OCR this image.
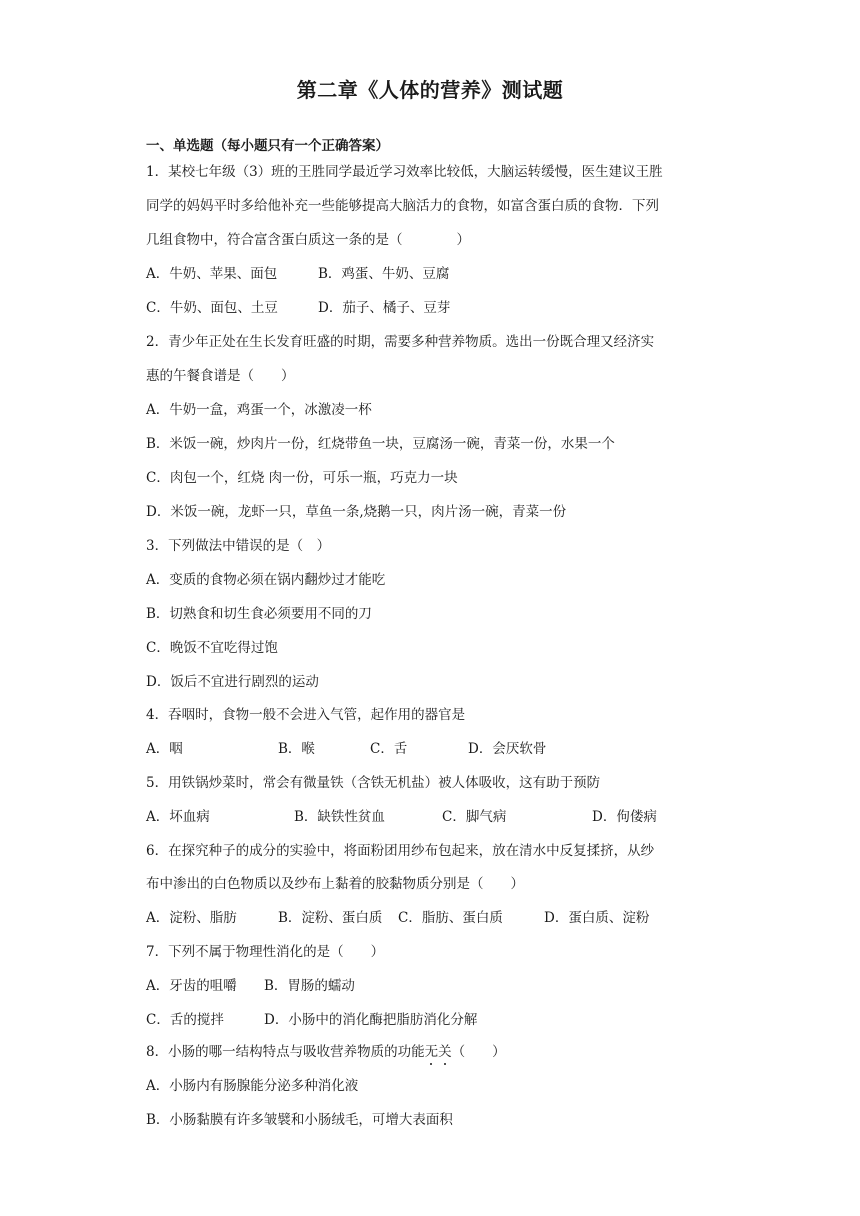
第二章《人体的营养》测试题
一、单选题（每小题只有一个正确答案）
1．某校七年级（3）班的王胜同学最近学习效率比较低，大脑运转缓慢，医生建议王胜
同学的妈妈平时多给他补充一些能够提高大脑活力的食物，如富含蛋白质的食物．下列
几组食物中，符合富含蛋白质这一条的是（　　　　）
A．牛奶、苹果、面包	B．鸡蛋、牛奶、豆腐
C．牛奶、面包、土豆	D．茄子、橘子、豆芽
2．青少年正处在生长发育旺盛的时期，需要多种营养物质。选出一份既合理又经济实
惠的午餐食谱是（　　）
A．牛奶一盒，鸡蛋一个，冰激凌一杯
B．米饭一碗，炒肉片一份，红烧带鱼一块，豆腐汤一碗，青菜一份，水果一个
C．肉包一个，红烧 肉一份，可乐一瓶，巧克力一块
D．米饭一碗，龙虾一只，草鱼一条,烧鹅一只，肉片汤一碗，青菜一份
3．下列做法中错误的是（　）
A．变质的食物必须在锅内翻炒过才能吃
B．切熟食和切生食必须要用不同的刀
C．晚饭不宜吃得过饱
D．饭后不宜进行剧烈的运动
4．吞咽时，食物一般不会进入气管，起作用的器官是
A．咽	B．喉	C．舌	D．会厌软骨
5．用铁锅炒菜时，常会有微量铁（含铁无机盐）被人体吸收，这有助于预防
A．坏血病	B．缺铁性贫血	C．脚气病	D．佝偻病
6．在探究种子的成分的实验中，将面粉团用纱布包起来，放在清水中反复揉挤，从纱
布中渗出的白色物质以及纱布上黏着的胶黏物质分别是（　　）
A．淀粉、脂肪	B．淀粉、蛋白质 C．脂肪、蛋白质	D．蛋白质、淀粉
7．下列不属于物理性消化的是（　　）
A．牙齿的咀嚼 B．胃肠的蠕动
C．舌的搅拌	D．小肠中的消化酶把脂肪消化分解
8．小肠的哪一结构特点与吸收营养物质的功能无关（　　）
A．小肠内有肠腺能分泌多种消化液
B．小肠黏膜有许多皱襞和小肠绒毛，可增大表面积
